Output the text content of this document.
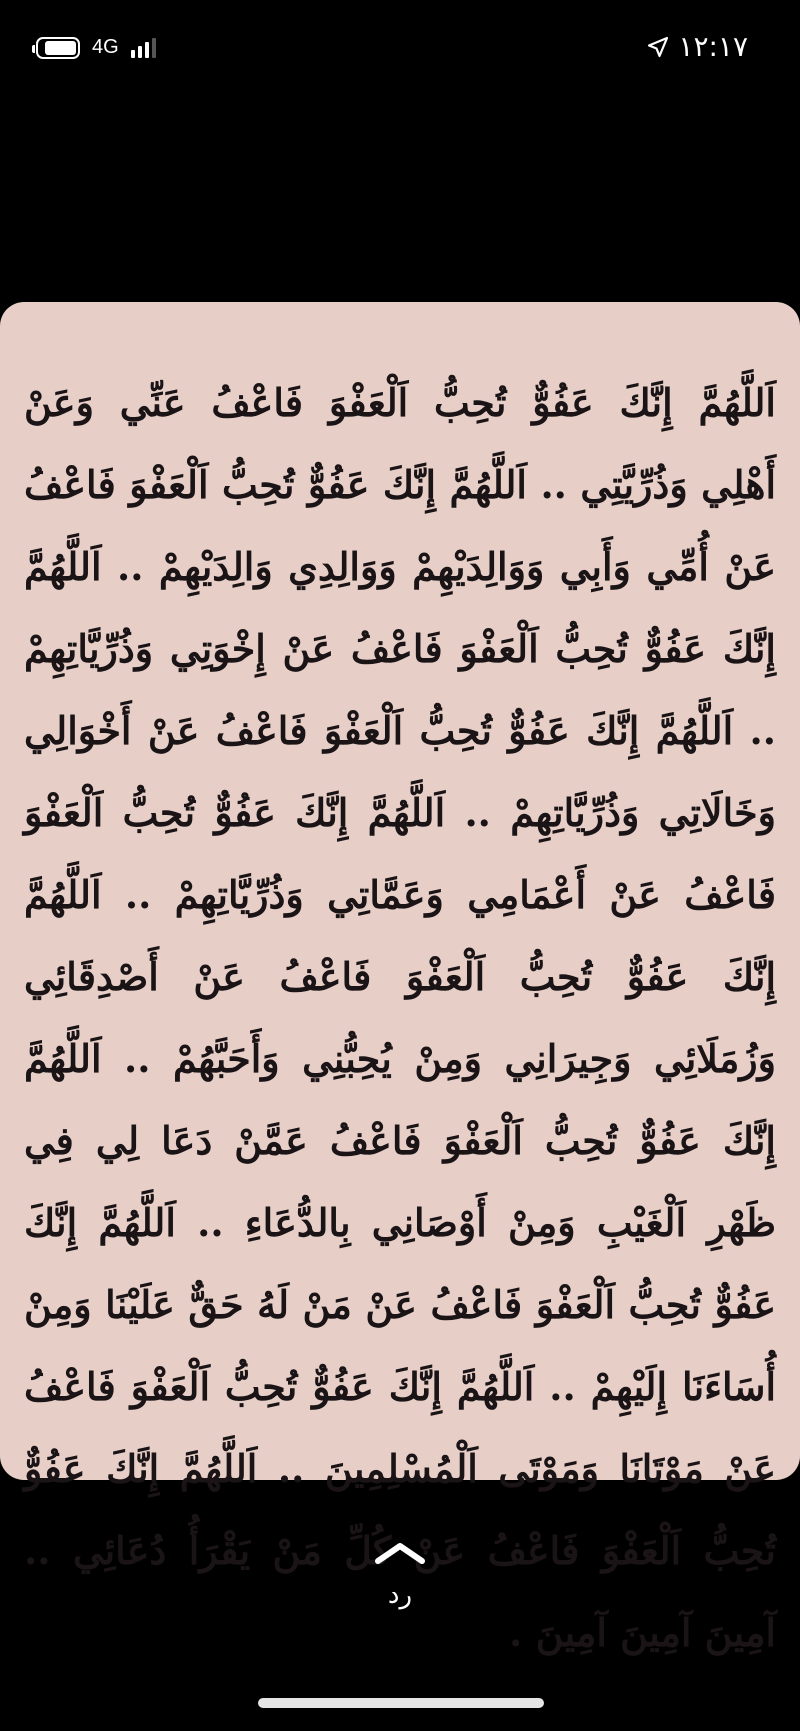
4G	١٢:١٧
اَللَّهُمَّ إِنَّكَ عَفُوٌّ تُحِبُّ اَلْعَفْوَ فَاعْفُ عَنِّي وَعَنْ أَهْلِي وَذُرِّيَّتِي .. اَللَّهُمَّ إِنَّكَ عَفُوٌّ تُحِبُّ اَلْعَفْوَ فَاعْفُ عَنْ أُمِّي وَأَبِي وَوَالِدَيْهِمْ وَوَالِدِي وَالِدَيْهِمْ .. اَللَّهُمَّ إِنَّكَ عَفُوٌّ تُحِبُّ اَلْعَفْوَ فَاعْفُ عَنْ إِخْوَتِي وَذُرِّيَّاتِهِمْ .. اَللَّهُمَّ إِنَّكَ عَفُوٌّ تُحِبُّ اَلْعَفْوَ فَاعْفُ عَنْ أَخْوَالِي وَخَالَاتِي وَذُرِّيَّاتِهِمْ .. اَللَّهُمَّ إِنَّكَ عَفُوٌّ تُحِبُّ اَلْعَفْوَ فَاعْفُ عَنْ أَعْمَامِي وَعَمَّاتِي وَذُرِّيَّاتِهِمْ .. اَللَّهُمَّ إِنَّكَ عَفُوٌّ تُحِبُّ اَلْعَفْوَ فَاعْفُ عَنْ أَصْدِقَائِي وَزُمَلَائِي وَجِيرَانِي وَمِنْ يُحِبُّنِي وَأَحَبَّهُمْ .. اَللَّهُمَّ إِنَّكَ عَفُوٌّ تُحِبُّ اَلْعَفْوَ فَاعْفُ عَمَّنْ دَعَا لِي فِي ظَهْرِ اَلْغَيْبِ وَمِنْ أَوْصَانِي بِالدُّعَاءِ .. اَللَّهُمَّ إِنَّكَ عَفُوٌّ تُحِبُّ اَلْعَفْوَ فَاعْفُ عَنْ مَنْ لَهُ حَقٌّ عَلَيْنَا وَمِنْ أُسَاءَنَا إِلَيْهِمْ .. اَللَّهُمَّ إِنَّكَ عَفُوٌّ تُحِبُّ اَلْعَفْوَ فَاعْفُ عَنْ مَوْتَانَا وَمَوْتَى اَلْمُسْلِمِينَ .. اَللَّهُمَّ إِنَّكَ عَفُوٌّ تُحِبُّ اَلْعَفْوَ فَاعْفُ عَنْ كُلِّ مَنْ يَقْرَأُ دُعَائِي .. آمِينَ آمِينَ آمِينَ .
رد
